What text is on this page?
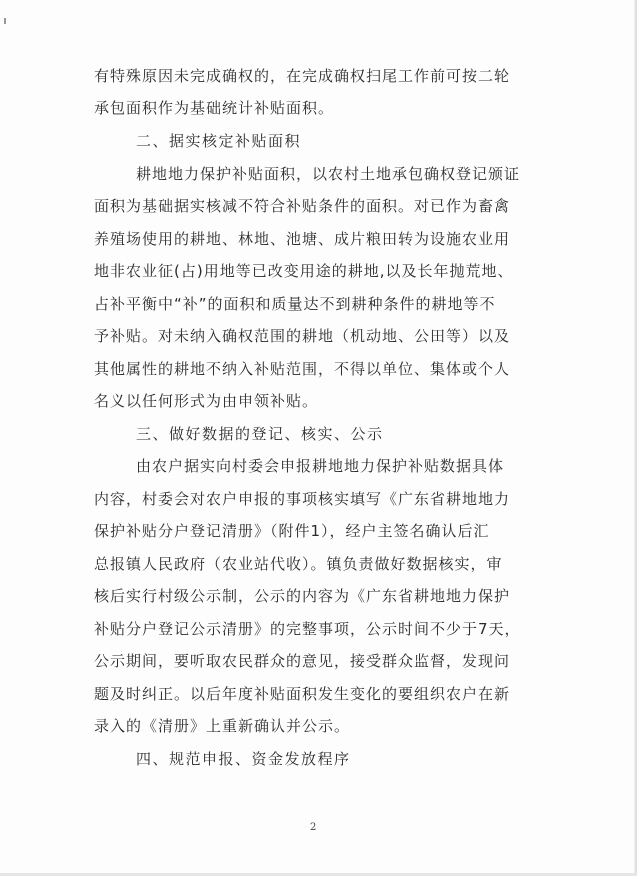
有特殊原因未完成确权的，在完成确权扫尾工作前可按二轮

承包面积作为基础统计补贴面积。

二、据实核定补贴面积

耕地地力保护补贴面积，以农村土地承包确权登记颁证

面积为基础据实核减不符合补贴条件的面积。对已作为畜禽

养殖场使用的耕地、林地、池塘、成片粮田转为设施农业用

地非农业征(占)用地等已改变用途的耕地,以及长年抛荒地、

占补平衡中“补”的面积和质量达不到耕种条件的耕地等不

予补贴。对未纳入确权范围的耕地（机动地、公田等）以及

其他属性的耕地不纳入补贴范围，不得以单位、集体或个人

名义以任何形式为由申领补贴。

三、做好数据的登记、核实、公示

由农户据实向村委会申报耕地地力保护补贴数据具体

内容，村委会对农户申报的事项核实填写《广东省耕地地力

保护补贴分户登记清册》（附件1），经户主签名确认后汇

总报镇人民政府（农业站代收）。镇负责做好数据核实，审

核后实行村级公示制，公示的内容为《广东省耕地地力保护

补贴分户登记公示清册》的完整事项，公示时间不少于7天，

公示期间，要听取农民群众的意见，接受群众监督，发现问

题及时纠正。以后年度补贴面积发生变化的要组织农户在新

录入的《清册》上重新确认并公示。

四、规范申报、资金发放程序

2
